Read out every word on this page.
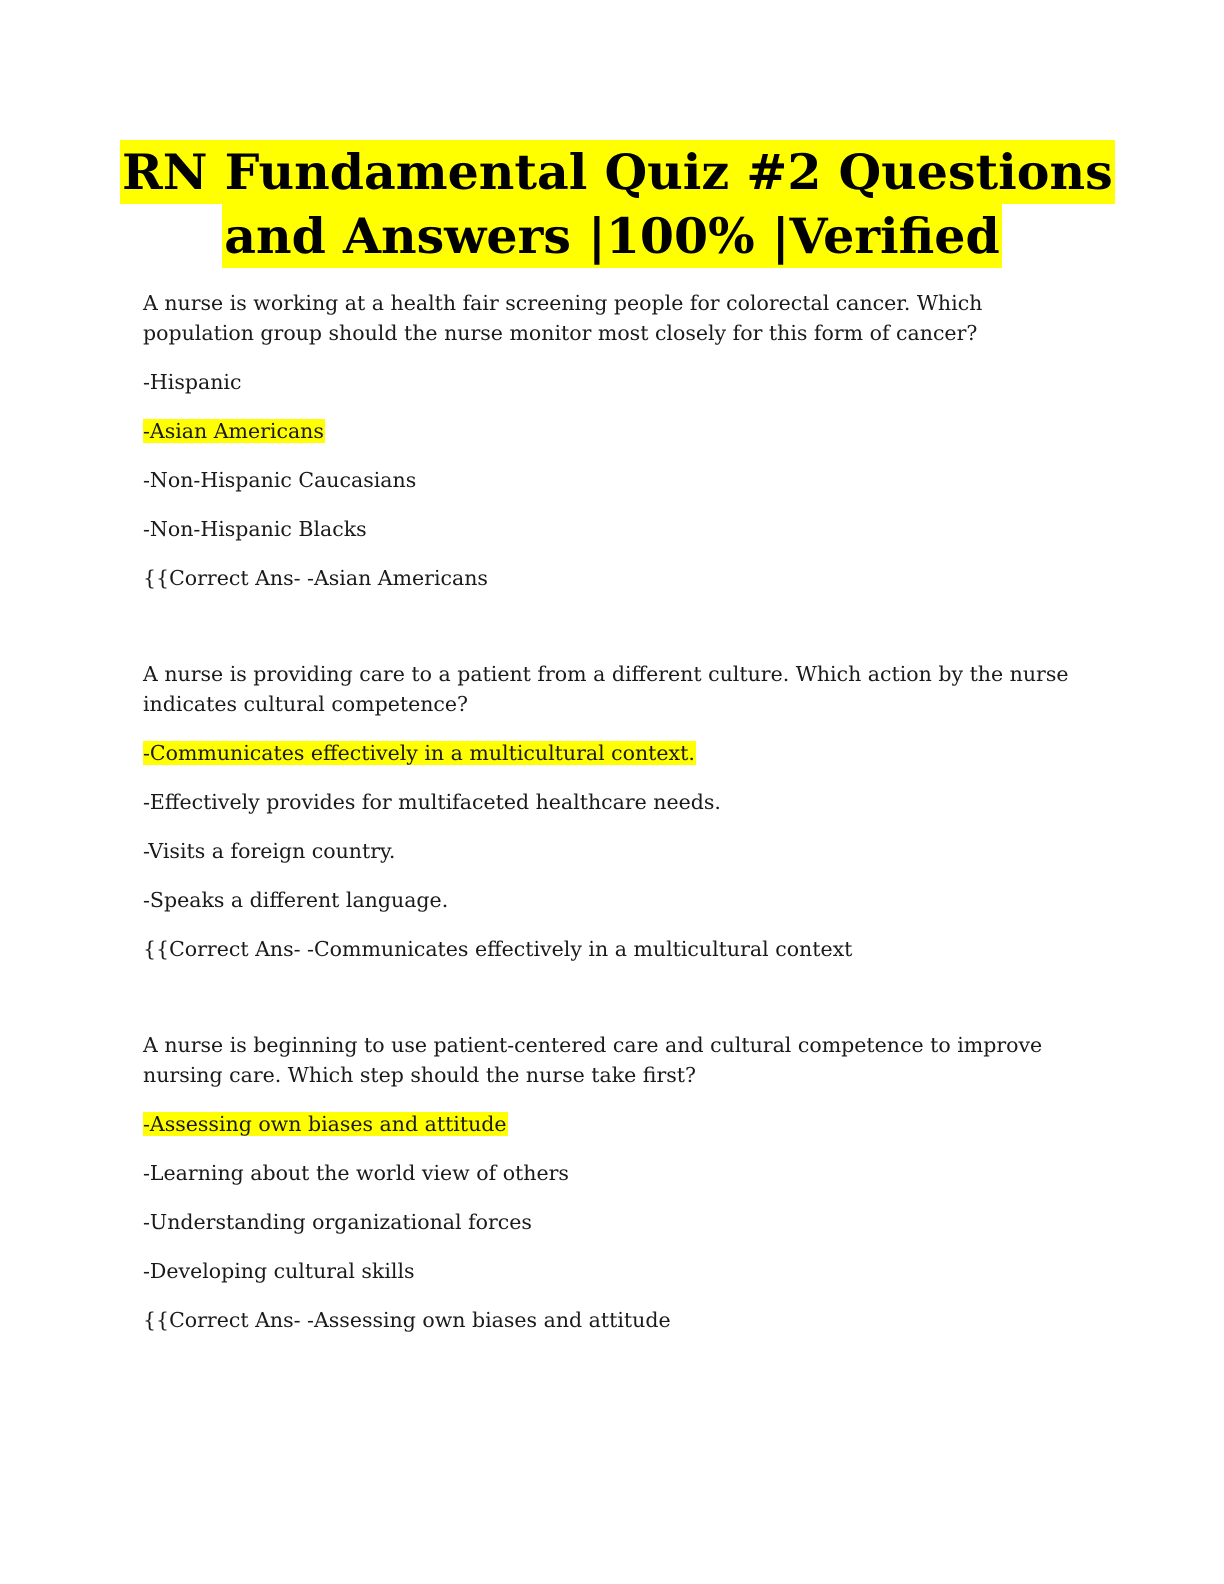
RN Fundamental Quiz #2 Questions
and Answers |100% |Verified

A nurse is working at a health fair screening people for colorectal cancer. Which population group should the nurse monitor most closely for this form of cancer?

-Hispanic

-Asian Americans

-Non-Hispanic Caucasians

-Non-Hispanic Blacks

{{Correct Ans- -Asian Americans

A nurse is providing care to a patient from a different culture. Which action by the nurse indicates cultural competence?

-Communicates effectively in a multicultural context.

-Effectively provides for multifaceted healthcare needs.

-Visits a foreign country.

-Speaks a different language.

{{Correct Ans- -Communicates effectively in a multicultural context

A nurse is beginning to use patient-centered care and cultural competence to improve nursing care. Which step should the nurse take first?

-Assessing own biases and attitude

-Learning about the world view of others

-Understanding organizational forces

-Developing cultural skills

{{Correct Ans- -Assessing own biases and attitude
